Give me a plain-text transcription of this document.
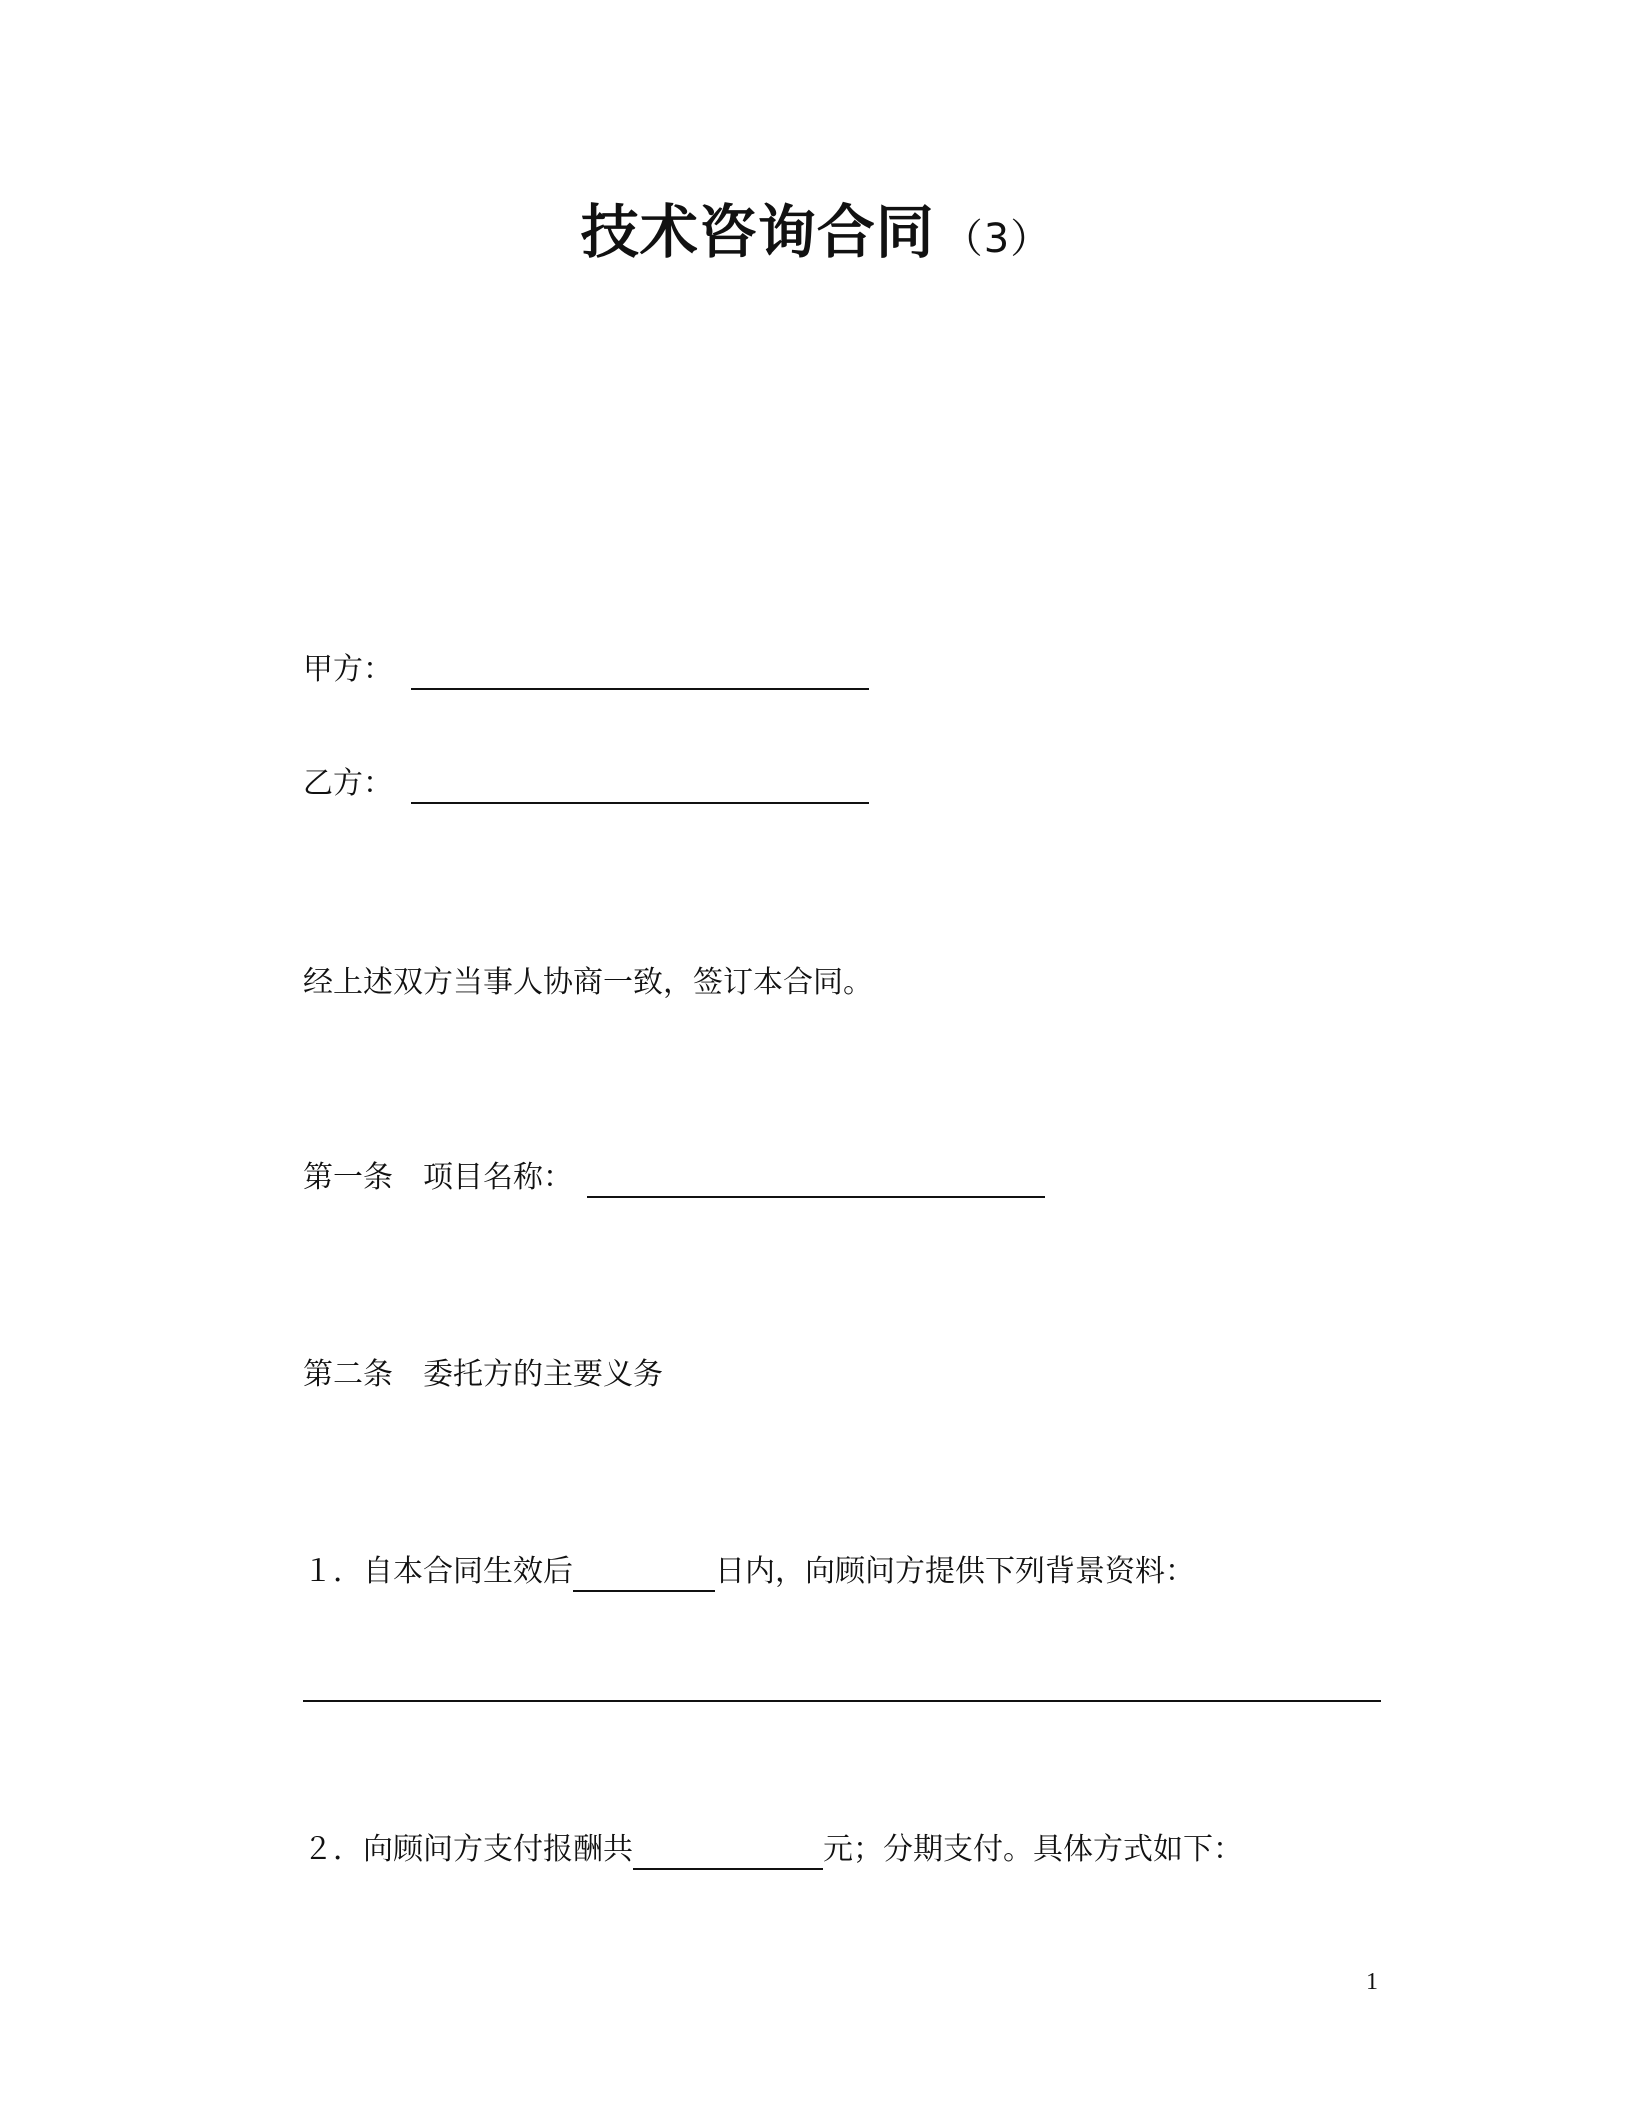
技术咨询合同 （3）
甲方：
乙方：
经上述双方当事人协商一致，签订本合同。
第一条 项目名称：
第二条 委托方的主要义务
１．自本合同生效后	日内，向顾问方提供下列背景资料：
２．向顾问方支付报酬共	元；分期支付。具体方式如下：
1
